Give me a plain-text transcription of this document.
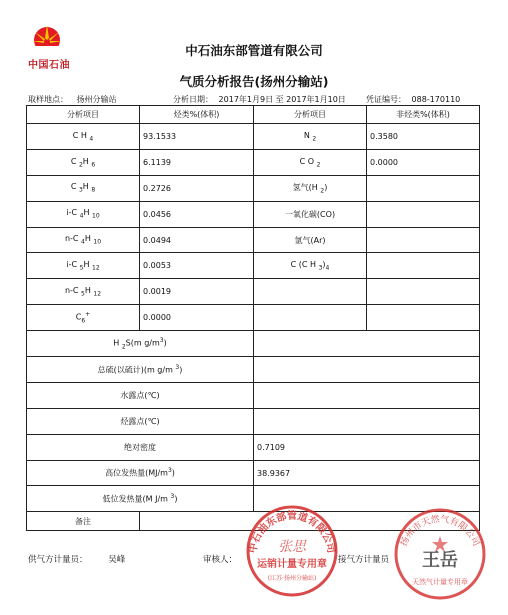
中国石油
中石油东部管道有限公司
气质分析报告(扬州分输站)
取样地点： 扬州分输站	分析日期： 2017年1月9日 至 2017年1月10日	凭证编号： 088-170110
分析项目	烃类%(体积)	分析项目	非烃类%(体积)
C H $_4$	93.1533	N $_2$	0.3580
C $_2$H $_6$	6.1139	C O $_2$	0.0000
C $_3$H $_8$	0.2726	氢气(H $_2$)	
i-C $_4$H $_{10}$	0.0456	一氧化碳(CO)	
n-C $_4$H $_{10}$	0.0494	氩气(Ar)	
i-C $_5$H $_{12}$	0.0053	C (C H $_3)_4$	
n-C $_5$H $_{12}$	0.0019		
$C_6^+$	0.0000		
H $_2$S(m $g/m^3$)			
总硫(以硫计)(m g/m $^3$)			
水露点(℃)			
烃露点(℃)			
绝对密度		0.7109	
高位发热量$(MJ/m^3)$		38.9367	
低位发热量(M J/m $^3$)			
备注			
供气方计量员： 吴峰	审核人：	接气方计量员
中石油东部管道有限公司
张思
运销计量专用章
(江苏·扬州分输站)
扬州市天然气有限公司
王岳
天然气计量专用章
